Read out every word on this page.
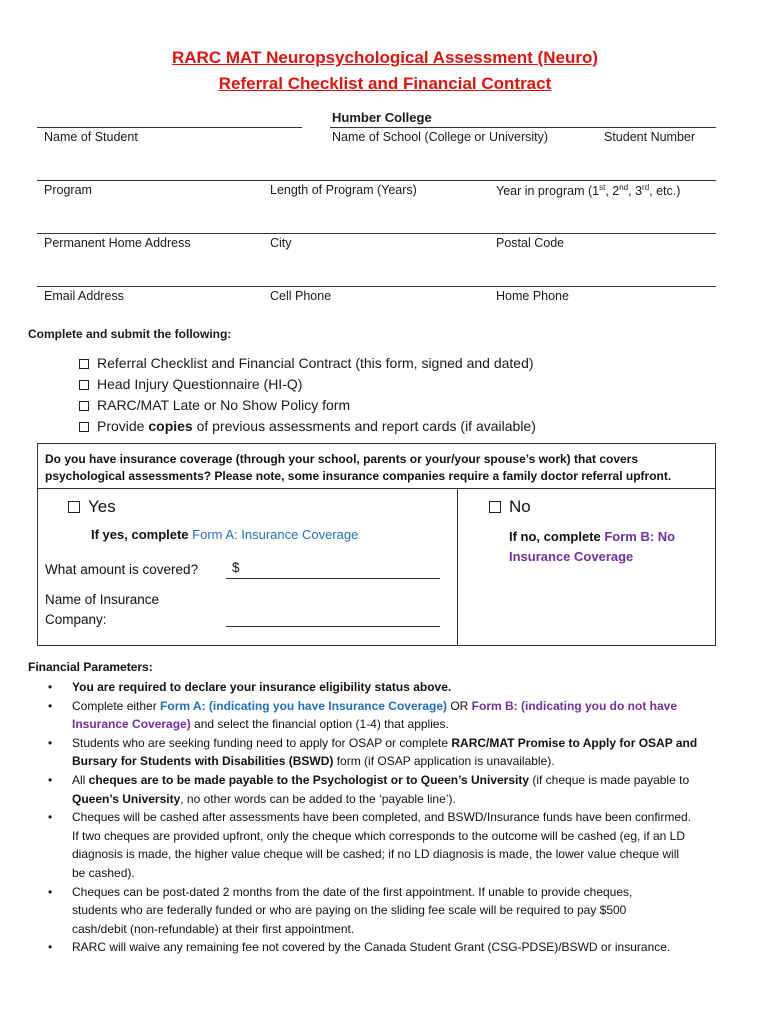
RARC MAT Neuropsychological Assessment (Neuro)
Referral Checklist and Financial Contract
Humber College
Name of Student	Name of School (College or University)	Student Number
Program	Length of Program (Years)	Year in program (1st, 2nd, 3rd, etc.)
Permanent Home Address	City	Postal Code
Email Address	Cell Phone	Home Phone
Complete and submit the following:
Referral Checklist and Financial Contract (this form, signed and dated)
Head Injury Questionnaire (HI-Q)
RARC/MAT Late or No Show Policy form
Provide copies of previous assessments and report cards (if available)
Do you have insurance coverage (through your school, parents or your/your spouse’s work) that covers
psychological assessments? Please note, some insurance companies require a family doctor referral upfront.
Yes	No
If yes, complete Form A: Insurance Coverage	If no, complete Form B: No
Insurance Coverage
What amount is covered?	$
Name of Insurance
Company:
Financial Parameters:
• You are required to declare your insurance eligibility status above.
• Complete either Form A: (indicating you have Insurance Coverage) OR Form B: (indicating you do not have
Insurance Coverage) and select the financial option (1-4) that applies.
• Students who are seeking funding need to apply for OSAP or complete RARC/MAT Promise to Apply for OSAP and
Bursary for Students with Disabilities (BSWD) form (if OSAP application is unavailable).
• All cheques are to be made payable to the Psychologist or to Queen’s University (if cheque is made payable to
Queen’s University, no other words can be added to the ‘payable line’).
• Cheques will be cashed after assessments have been completed, and BSWD/Insurance funds have been confirmed.
If two cheques are provided upfront, only the cheque which corresponds to the outcome will be cashed (eg, if an LD
diagnosis is made, the higher value cheque will be cashed; if no LD diagnosis is made, the lower value cheque will
be cashed).
• Cheques can be post-dated 2 months from the date of the first appointment. If unable to provide cheques,
students who are federally funded or who are paying on the sliding fee scale will be required to pay $500
cash/debit (non-refundable) at their first appointment.
• RARC will waive any remaining fee not covered by the Canada Student Grant (CSG-PDSE)/BSWD or insurance.
